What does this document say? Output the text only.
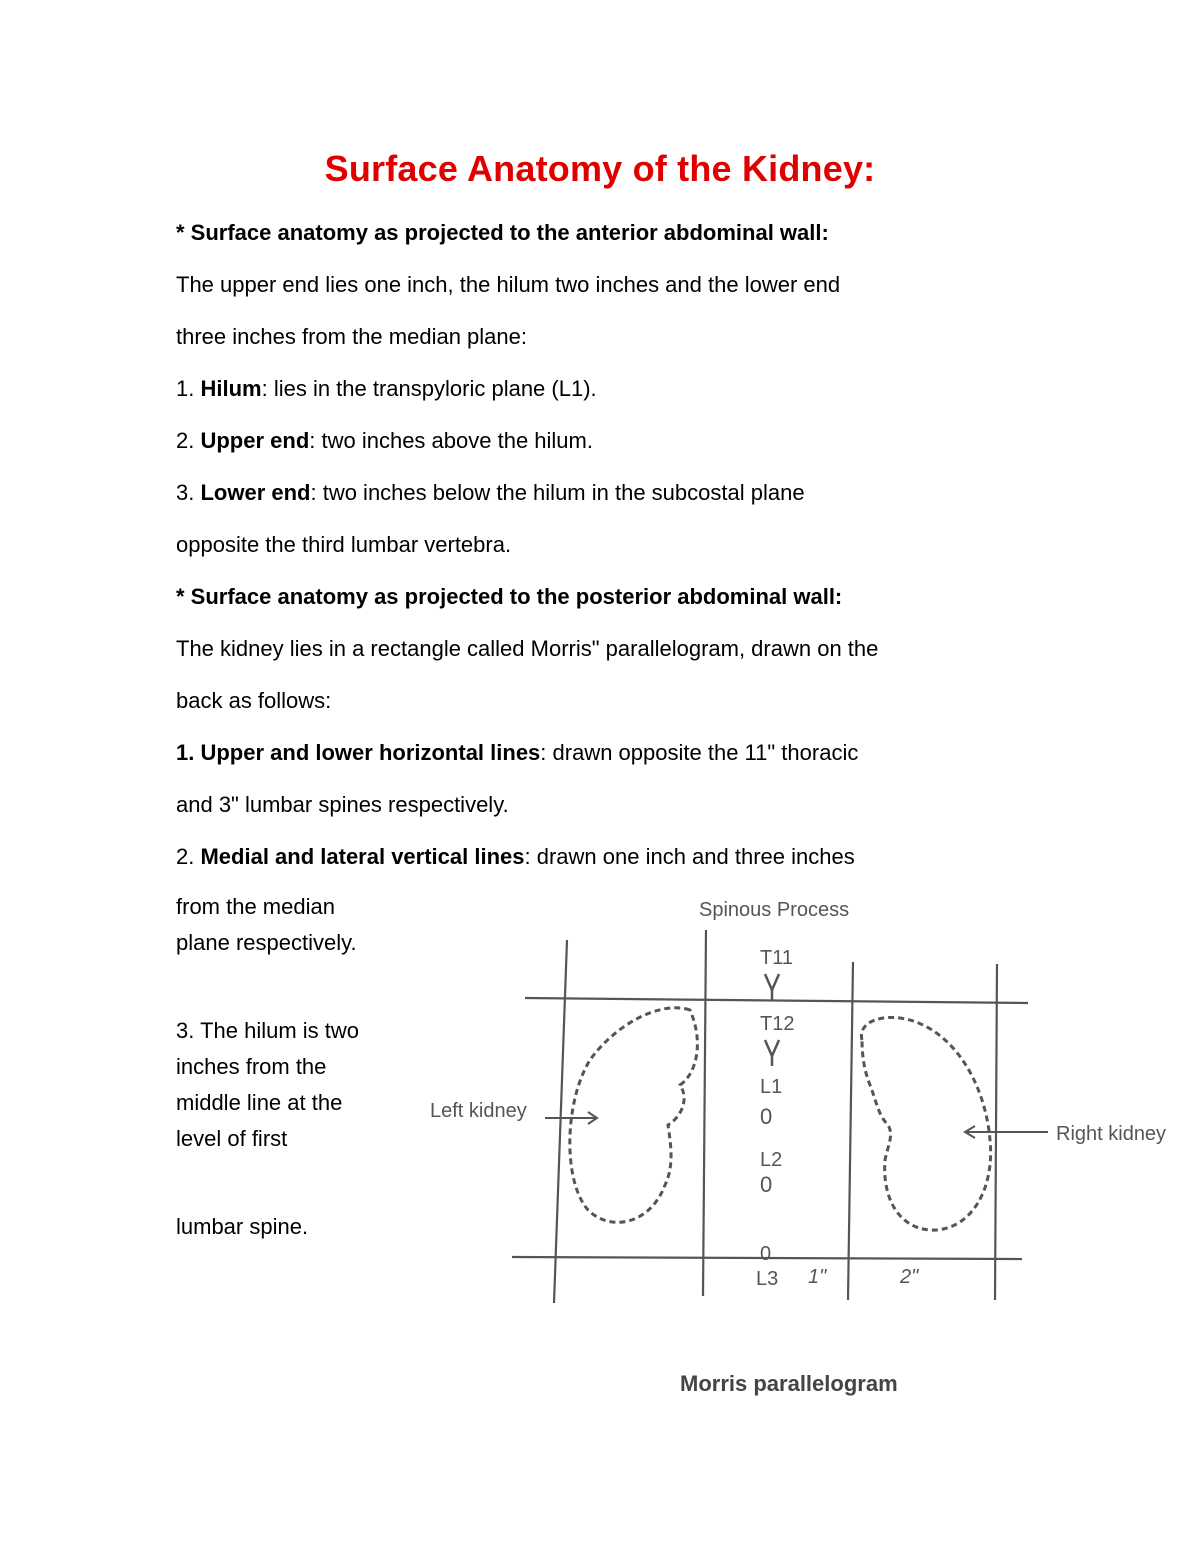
Surface Anatomy of the Kidney:
* Surface anatomy as projected to the anterior abdominal wall:
The upper end lies one inch, the hilum two inches and the lower end
three inches from the median plane:
1. Hilum: lies in the transpyloric plane (L1).
2. Upper end: two inches above the hilum.
3. Lower end: two inches below the hilum in the subcostal plane
opposite the third lumbar vertebra.
* Surface anatomy as projected to the posterior abdominal wall:
The kidney lies in a rectangle called Morris" parallelogram, drawn on the
back as follows:
1. Upper and lower horizontal lines: drawn opposite the 11" thoracic
and 3" lumbar spines respectively.
2. Medial and lateral vertical lines: drawn one inch and three inches

from the median plane respectively.

3. The hilum is two inches from the middle line at the level of first

lumbar spine.
Spinous Process
Left kidney
Right kidney
T11
T12
L1
0
L2
0
0
L3 1"	2"
Morris parallelogram
